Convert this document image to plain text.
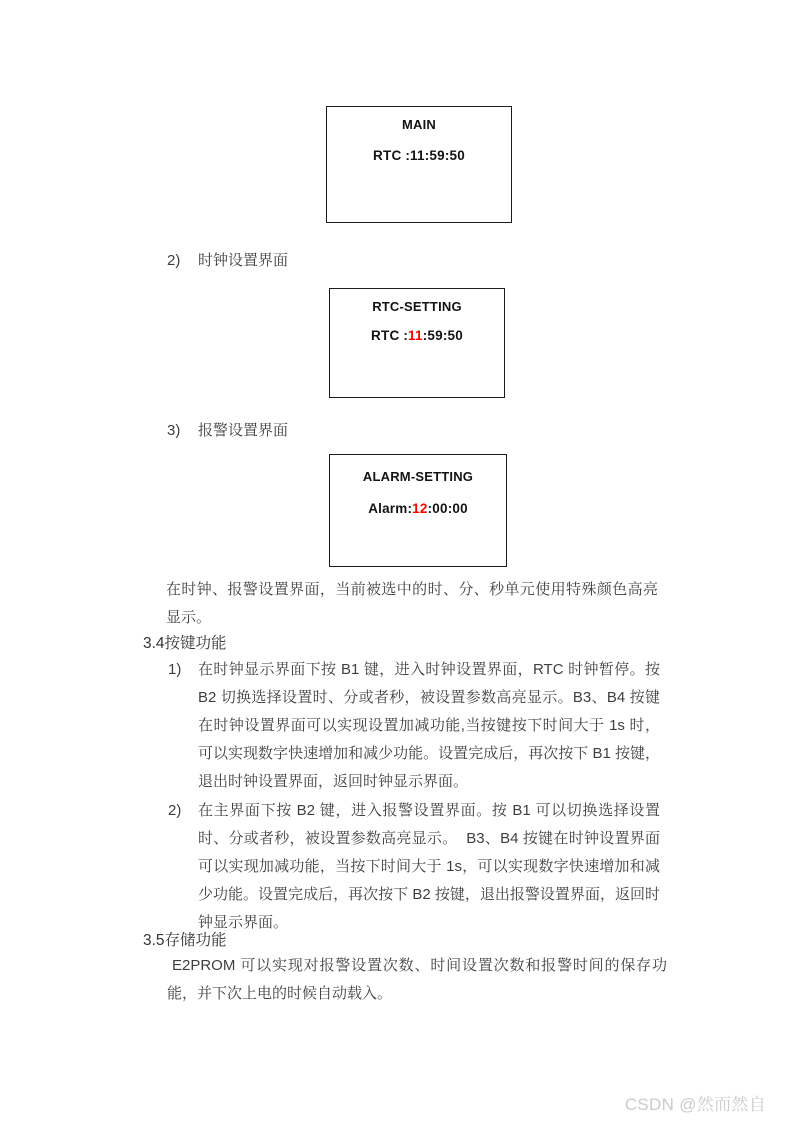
MAIN
RTC :11:59:50
2)	时钟设置界面
RTC-SETTING
RTC :11:59:50
3)	报警设置界面
ALARM-SETTING
Alarm:12:00:00
在时钟、报警设置界面，当前被选中的时、分、秒单元使用特殊颜色高亮显示。
3.4按键功能
1)	在时钟显示界面下按 B1 键，进入时钟设置界面，RTC 时钟暂停。按 B2 切换选择设置时、分或者秒，被设置参数高亮显示。B3、B4 按键在时钟设置界面可以实现设置加减功能,当按键按下时间大于 1s 时，可以实现数字快速增加和减少功能。设置完成后，再次按下 B1 按键，退出时钟设置界面，返回时钟显示界面。
2)	在主界面下按 B2 键，进入报警设置界面。按 B1 可以切换选择设置时、分或者秒，被设置参数高亮显示。  B3、B4 按键在时钟设置界面可以实现加减功能，当按下时间大于 1s，可以实现数字快速增加和减少功能。设置完成后，再次按下 B2 按键，退出报警设置界面，返回时钟显示界面。
3.5存储功能
E2PROM 可以实现对报警设置次数、时间设置次数和报警时间的保存功能，并下次上电的时候自动载入。
CSDN @然而然自
